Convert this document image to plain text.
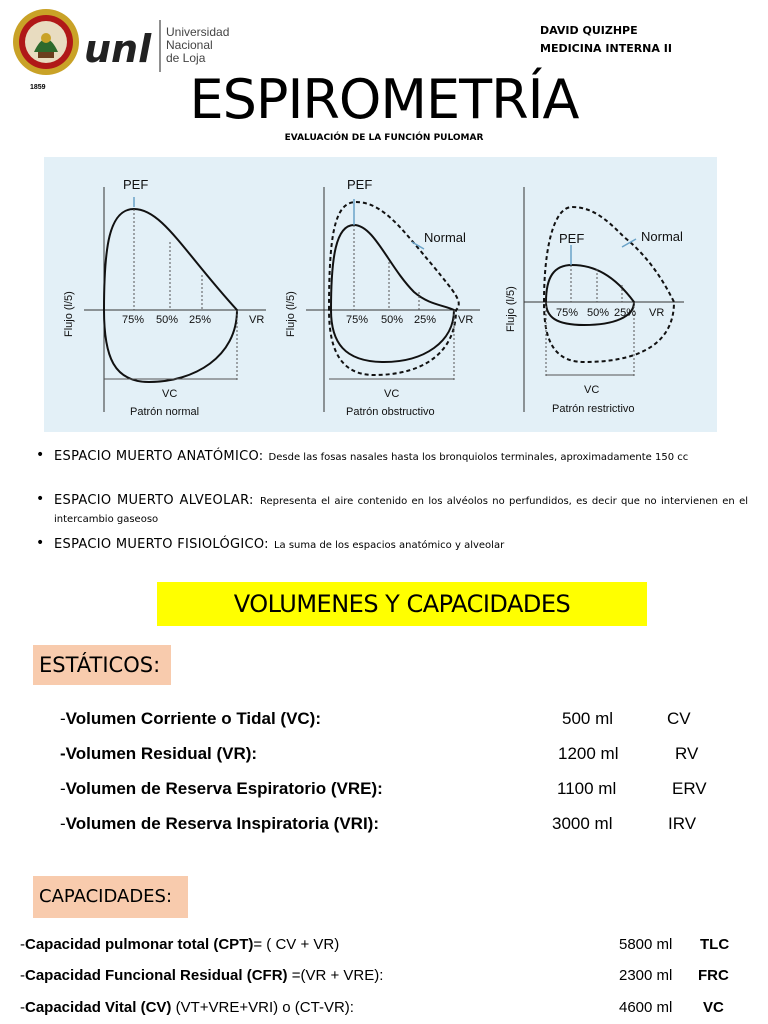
1859
unl Universidad
Nacional
de Loja
DAVID QUIZHPE
MEDICINA INTERNA II
ESPIROMETRÍA
EVALUACIÓN DE LA FUNCIÓN PULOMAR
PEF
75% 50% 25%	VR
VC
Patrón normal
Flujo (l/5)
PEF
Normal
75% 50% 25% VR
VC
Patrón obstructivo
Flujo (l/5)
PEF	Normal
75% 50% 25% VR
VC
Patrón restrictivo
Flujo (l/5)
• ESPACIO MUERTO ANATÓMICO: Desde las fosas nasales hasta los bronquiolos terminales, aproximadamente 150 cc
• ESPACIO MUERTO ALVEOLAR: Representa el aire contenido en los alvéolos no perfundidos, es decir que no intervienen en el intercambio gaseoso
• ESPACIO MUERTO FISIOLÓGICO: La suma de los espacios anatómico y alveolar
VOLUMENES Y CAPACIDADES
ESTÁTICOS:
-Volumen Corriente o Tidal (VC):	500 ml	CV
-Volumen Residual (VR):	1200 ml	RV
-Volumen de Reserva Espiratorio (VRE):	1100 ml	ERV
-Volumen de Reserva Inspiratoria (VRI):	3000 ml	IRV
CAPACIDADES:
-Capacidad pulmonar total (CPT)= ( CV + VR)	5800 ml TLC
-Capacidad Funcional Residual (CFR) =(VR + VRE):	2300 ml FRC
-Capacidad Vital (CV) (VT+VRE+VRI) o (CT-VR):	4600 ml VC
